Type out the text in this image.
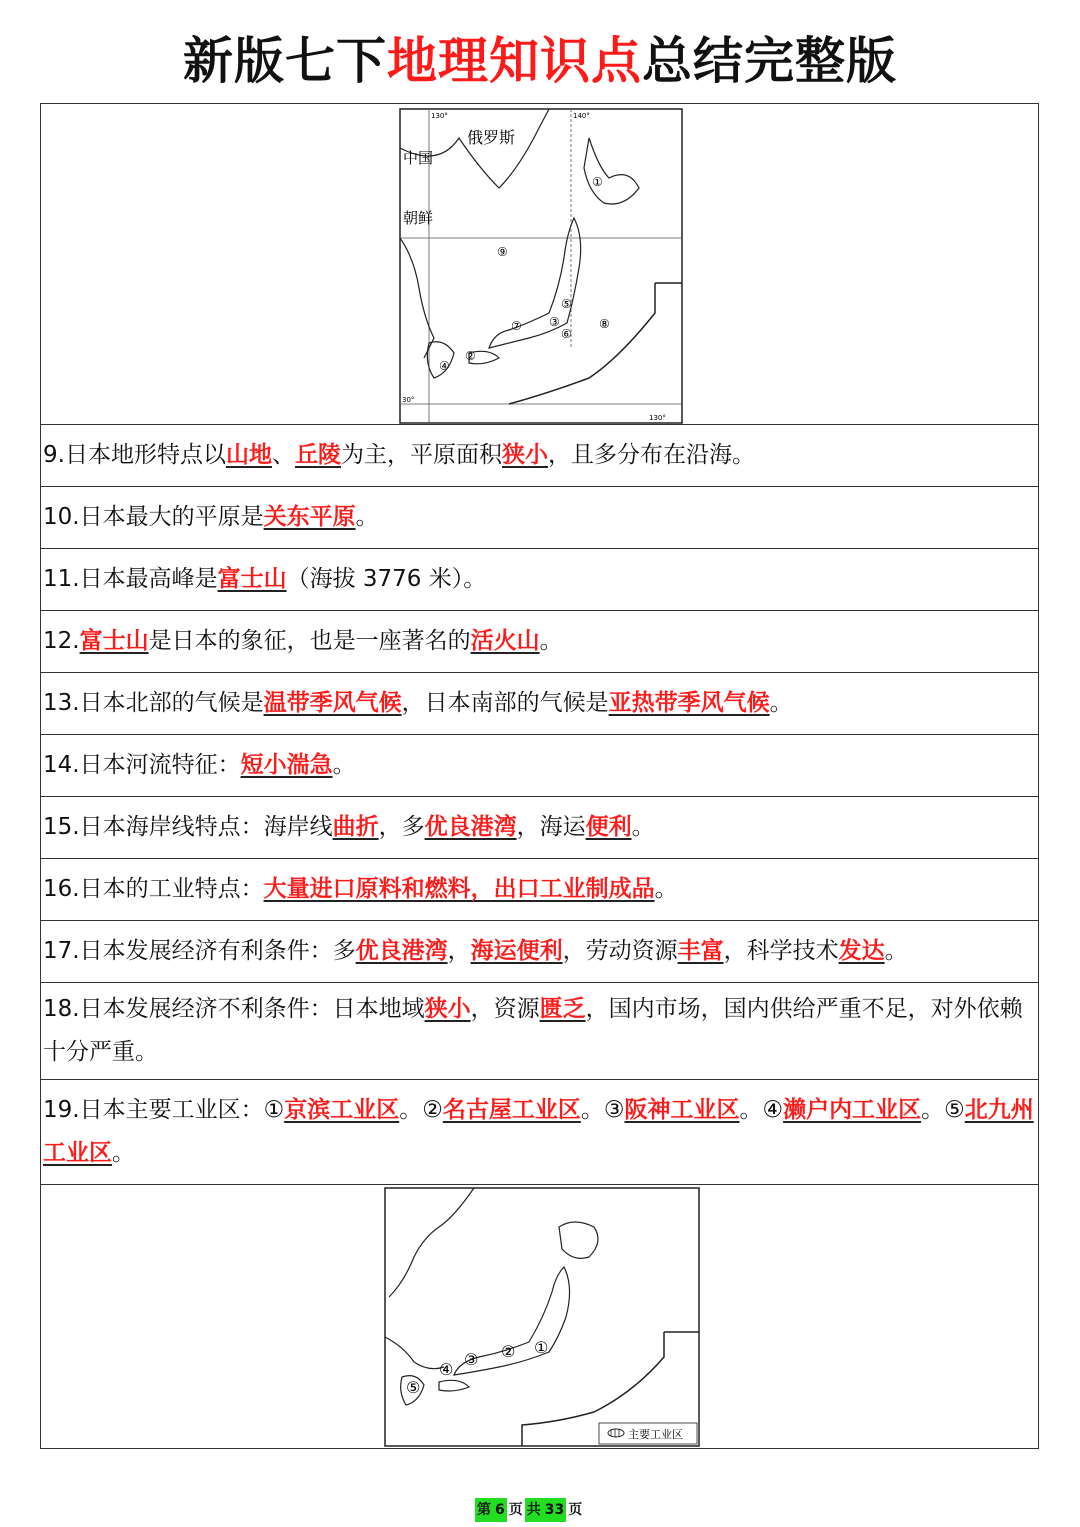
新版七下地理知识点总结完整版
俄罗斯
中国
朝鲜
①
②
③
④
⑤
⑥
⑦	⑧
⑨
130°	140°
30°
130°

9.日本地形特点以山地、丘陵为主，平原面积狭小，且多分布在沿海。
10.日本最大的平原是关东平原。
11.日本最高峰是富士山（海拔 3776 米）。
12.富士山是日本的象征，也是一座著名的活火山。
13.日本北部的气候是温带季风气候，日本南部的气候是亚热带季风气候。
14.日本河流特征：短小湍急。
15.日本海岸线特点：海岸线曲折，多优良港湾，海运便利。
16.日本的工业特点：大量进口原料和燃料，出口工业制成品。
17.日本发展经济有利条件：多优良港湾，海运便利，劳动资源丰富，科学技术发达。
18.日本发展经济不利条件：日本地域狭小，资源匮乏，国内市场，国内供给严重不足，对外依赖十分严重。
19.日本主要工业区：①京滨工业区。②名古屋工业区。③阪神工业区。④濑户内工业区。⑤北九州工业区。

主要工业区
①
②
③
④
⑤
第 6 页 共 33 页
